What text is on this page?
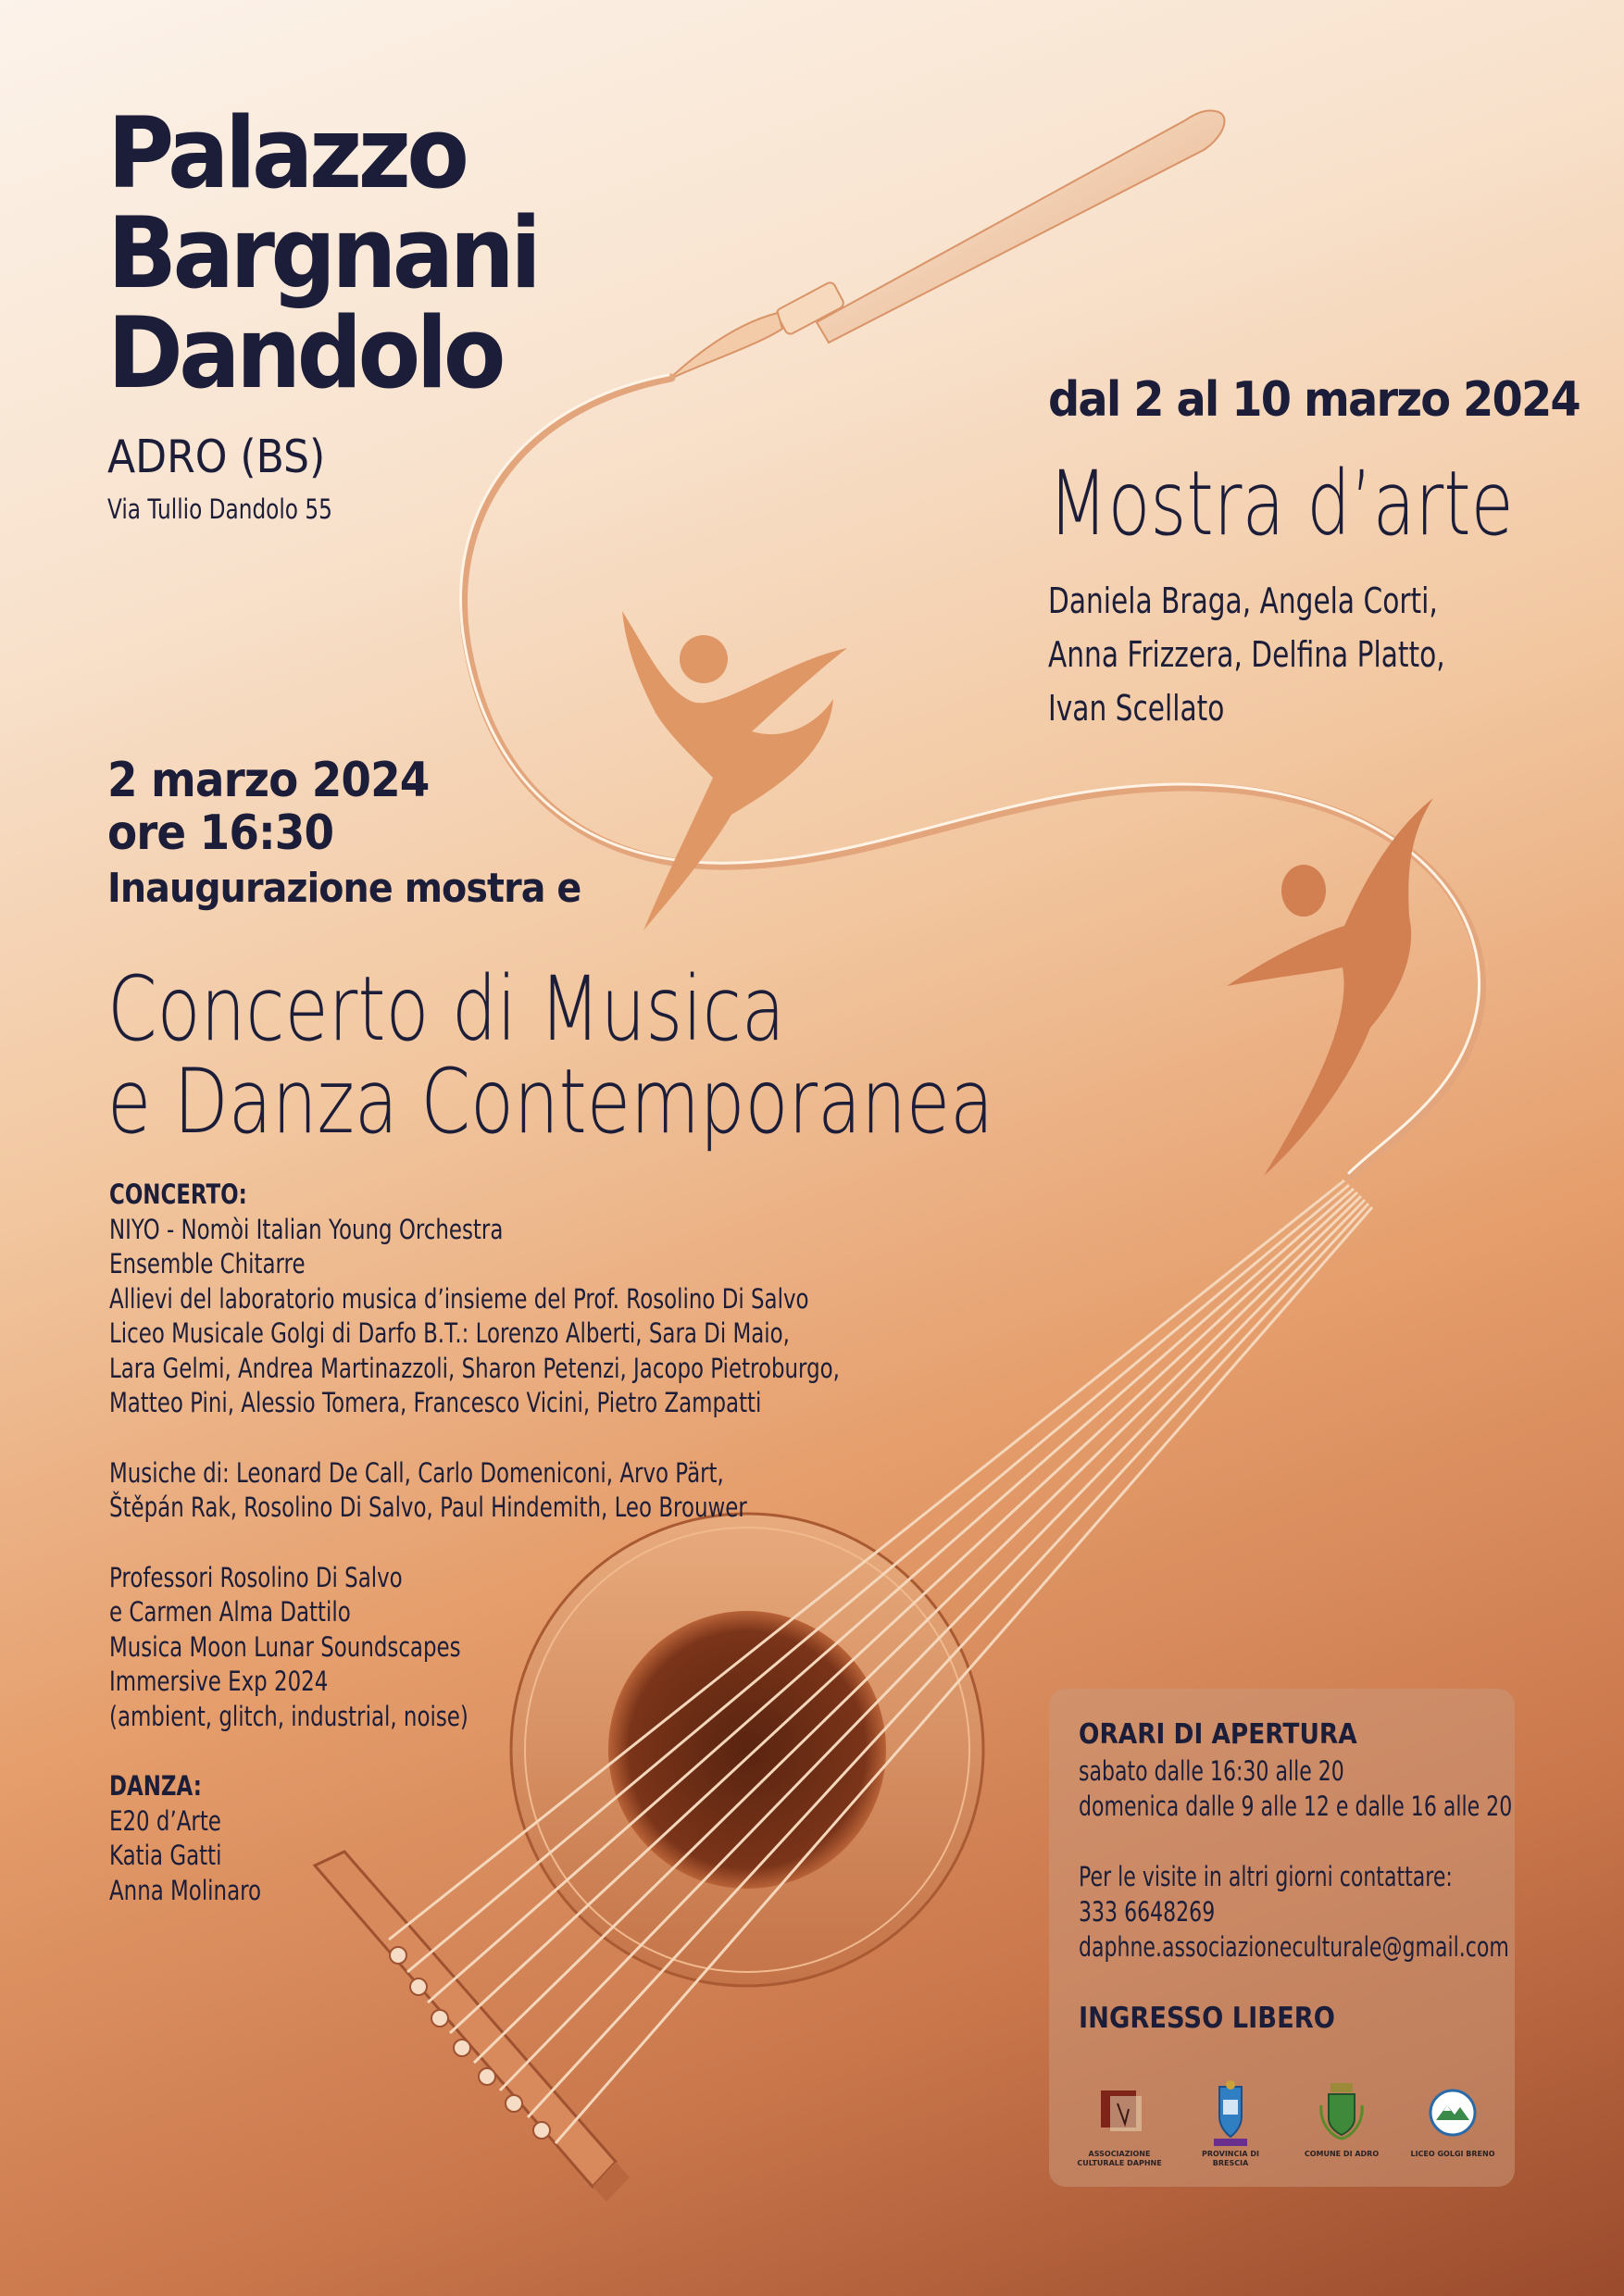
Palazzo
Bargnani
Dandolo
ADRO (BS)
Via Tullio Dandolo 55
dal 2 al 10 marzo 2024
Mostra d’arte
Daniela Braga, Angela Corti,
Anna Frizzera, Delfina Platto,
Ivan Scellato
2 marzo 2024
ore 16:30
Inaugurazione mostra e
Concerto di Musica
e Danza Contemporanea
CONCERTO:
NIYO - Nomòi Italian Young Orchestra
Ensemble Chitarre
Allievi del laboratorio musica d’insieme del Prof. Rosolino Di Salvo
Liceo Musicale Golgi di Darfo B.T.: Lorenzo Alberti, Sara Di Maio,
Lara Gelmi, Andrea Martinazzoli, Sharon Petenzi, Jacopo Pietroburgo,
Matteo Pini, Alessio Tomera, Francesco Vicini, Pietro Zampatti
Musiche di: Leonard De Call, Carlo Domeniconi, Arvo Pärt,
Štěpán Rak, Rosolino Di Salvo, Paul Hindemith, Leo Brouwer
Professori Rosolino Di Salvo
e Carmen Alma Dattilo
Musica Moon Lunar Soundscapes
Immersive Exp 2024
(ambient, glitch, industrial, noise)
DANZA:
E20 d’Arte
Katia Gatti
Anna Molinaro
ORARI DI APERTURA
sabato dalle 16:30 alle 20
domenica dalle 9 alle 12 e dalle 16 alle 20
Per le visite in altri giorni contattare:
333 6648269
daphne.associazioneculturale@gmail.com
INGRESSO LIBERO
ASSOCIAZIONE CULTURALE DAPHNE
PROVINCIA DI BRESCIA
COMUNE DI ADRO	LICEO GOLGI BRENO
